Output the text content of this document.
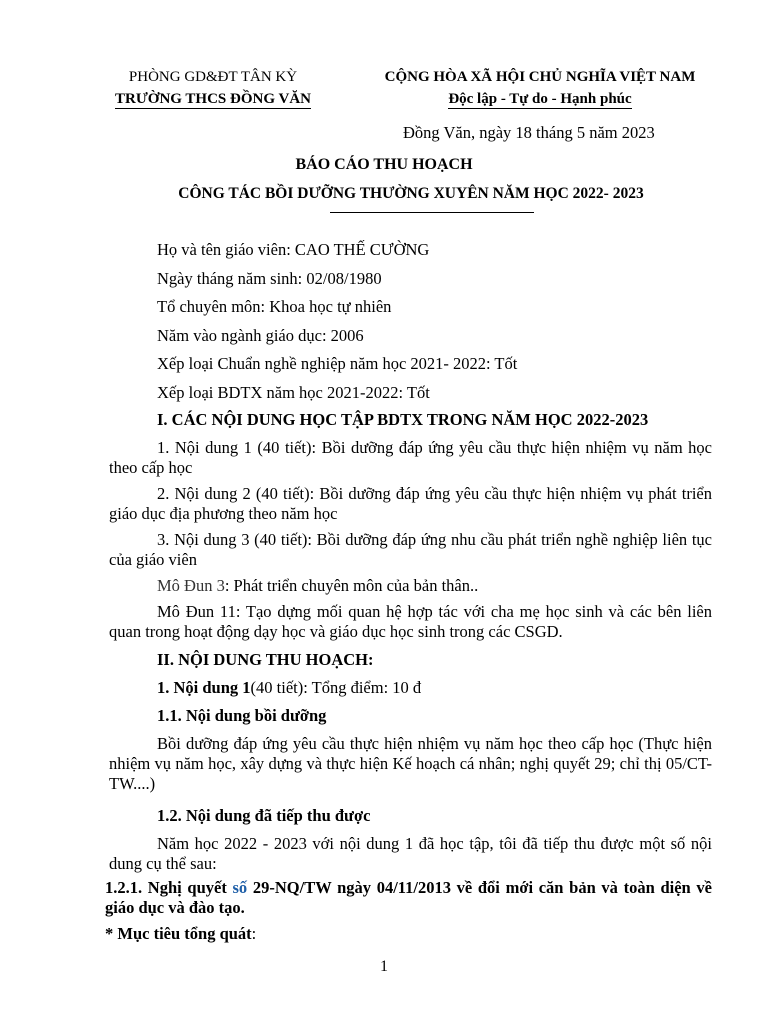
PHÒNG GD&ĐT TÂN KỲ
TRƯỜNG THCS ĐỒNG VĂN
CỘNG HÒA XÃ HỘI CHỦ NGHĨA VIỆT NAM
Độc lập - Tự do - Hạnh phúc
Đồng Văn, ngày 18 tháng 5 năm 2023
BÁO CÁO THU HOẠCH
CÔNG TÁC BỒI DƯỠNG THƯỜNG XUYÊN NĂM HỌC 2022- 2023

Họ và tên giáo viên: CAO THẾ CƯỜNG

Ngày tháng năm sinh: 02/08/1980

Tổ chuyên môn: Khoa học tự nhiên

Năm vào ngành giáo dục: 2006

Xếp loại Chuẩn nghề nghiệp năm học 2021- 2022: Tốt

Xếp loại BDTX năm học 2021-2022: Tốt

I. CÁC NỘI DUNG HỌC TẬP BDTX TRONG NĂM HỌC 2022-2023

1. Nội dung 1 (40 tiết): Bồi dưỡng đáp ứng yêu cầu thực hiện nhiệm vụ năm học theo cấp học

2. Nội dung 2 (40 tiết): Bồi dưỡng đáp ứng yêu cầu thực hiện nhiệm vụ phát triển giáo dục địa phương theo năm học

3. Nội dung 3 (40 tiết): Bồi dưỡng đáp ứng nhu cầu phát triển nghề nghiệp liên tục của giáo viên

Mô Đun 3: Phát triển chuyên môn của bản thân..

Mô Đun 11: Tạo dựng mối quan hệ hợp tác với cha mẹ học sinh và các bên liên quan trong hoạt động dạy học và giáo dục học sinh trong các CSGD.

II. NỘI DUNG THU HOẠCH:

1. Nội dung 1(40 tiết): Tổng điểm: 10 đ

1.1. Nội dung bồi dưỡng

Bồi dưỡng đáp ứng yêu cầu thực hiện nhiệm vụ năm học theo cấp học (Thực hiện nhiệm vụ năm học, xây dựng và thực hiện Kế hoạch cá nhân; nghị quyết 29; chỉ thị 05/CT-TW....)

1.2. Nội dung đã tiếp thu được

Năm học 2022 - 2023 với nội dung 1 đã học tập, tôi đã tiếp thu được một số nội dung cụ thể sau:

1.2.1. Nghị quyết số 29-NQ/TW ngày 04/11/2013 về đổi mới căn bản và toàn diện về giáo dục và đào tạo.

* Mục tiêu tổng quát:

1
